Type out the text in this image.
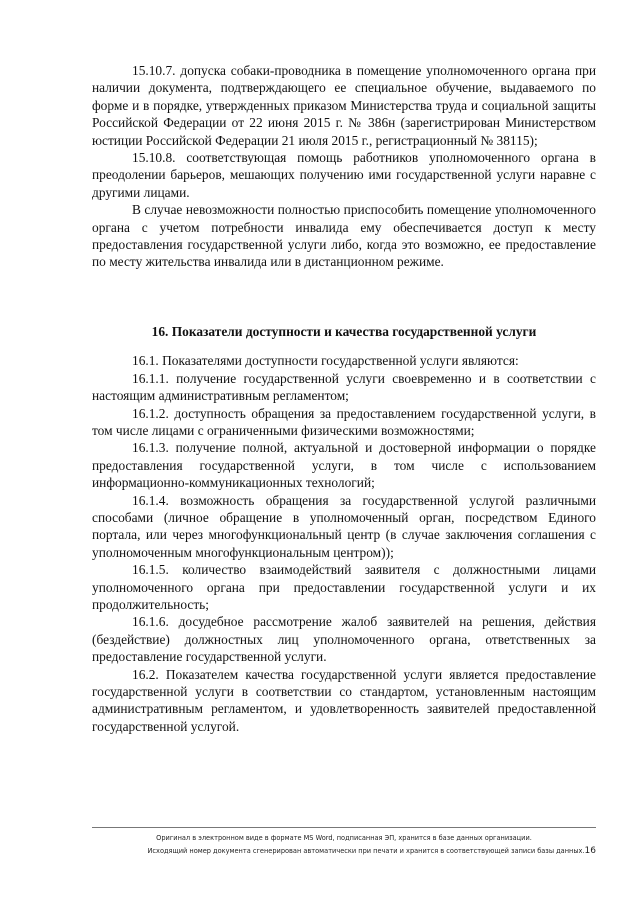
15.10.7. допуска собаки-проводника в помещение уполномоченного органа при наличии документа, подтверждающего ее специальное обучение, выдаваемого по форме и в порядке, утвержденных приказом Министерства труда и социальной защиты Российской Федерации от 22 июня 2015 г. № 386н (зарегистрирован Министерством юстиции Российской Федерации 21 июля 2015 г., регистрационный № 38115);

15.10.8. соответствующая помощь работников уполномоченного органа в преодолении барьеров, мешающих получению ими государственной услуги наравне с другими лицами.

В случае невозможности полностью приспособить помещение уполномоченного органа с учетом потребности инвалида ему обеспечивается доступ к месту предоставления государственной услуги либо, когда это возможно, ее предоставление по месту жительства инвалида или в дистанционном режиме.

16. Показатели доступности и качества государственной услуги

16.1. Показателями доступности государственной услуги являются:

16.1.1. получение государственной услуги своевременно и в соответствии с настоящим административным регламентом;

16.1.2. доступность обращения за предоставлением государственной услуги, в том числе лицами с ограниченными физическими возможностями;

16.1.3. получение полной, актуальной и достоверной информации о порядке предоставления государственной услуги, в том числе с использованием информационно-коммуникационных технологий;

16.1.4. возможность обращения за государственной услугой различными способами (личное обращение в уполномоченный орган, посредством Единого портала, или через многофункциональный центр (в случае заключения соглашения с уполномоченным многофункциональным центром));

16.1.5. количество взаимодействий заявителя с должностными лицами уполномоченного органа при предоставлении государственной услуги и их продолжительность;

16.1.6. досудебное рассмотрение жалоб заявителей на решения, действия (бездействие) должностных лиц уполномоченного органа, ответственных за предоставление государственной услуги.

16.2. Показателем качества государственной услуги является предоставление государственной услуги в соответствии со стандартом, установленным настоящим административным регламентом, и удовлетворенность заявителей предоставленной государственной услугой.

Оригинал в электронном виде в формате MS Word, подписанная ЭП, хранится в базе данных организации.
Исходящий номер документа сгенерирован автоматически при печати и хранится в соответствующей записи базы данных.16
